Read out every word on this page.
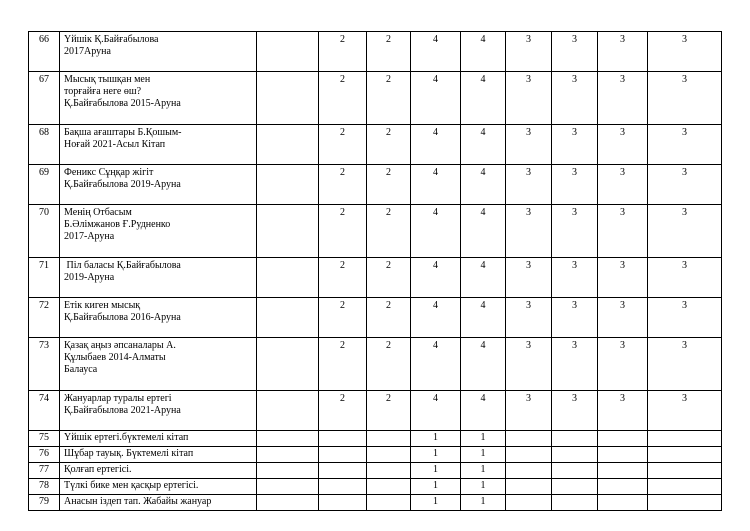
66	Үйшік Қ.Байғабылова
2017Аруна		2	2	4	4	3	3	3	3
67	Мысық тышқан мен
торғайға неге өш?
Қ.Байғабылова 2015-Аруна		2	2	4	4	3	3	3	3
68	Бақша ағаштары Б.Қошым-
Ноғай 2021-Асыл Кітап		2	2	4	4	3	3	3	3
69	Феникс Сұңқар жігіт
Қ.Байғабылова 2019-Аруна		2	2	4	4	3	3	3	3
70	Менің Отбасым
Б.Әлімжанов Ғ.Рудненко
2017-Аруна		2	2	4	4	3	3	3	3
71	Піл баласы Қ.Байғабылова
2019-Аруна		2	2	4	4	3	3	3	3
72	Етік киген мысық
Қ.Байғабылова 2016-Аруна		2	2	4	4	3	3	3	3
73	Қазақ аңыз әпсаналары А.
Құлыбаев 2014-Алматы
Балауса		2	2	4	4	3	3	3	3
74	Жануарлар туралы ертегі
Қ.Байғабылова 2021-Аруна		2	2	4	4	3	3	3	3
75	Үйшік ертегі.бүктемелі кітап				1	1				
76	Шұбар тауық. Бүктемелі кітап				1	1				
77	Қолғап ертегісі.				1	1				
78	Түлкі бике мен қасқыр ертегісі.				1	1				
79	Анасын іздеп тап. Жабайы жануар				1	1				
